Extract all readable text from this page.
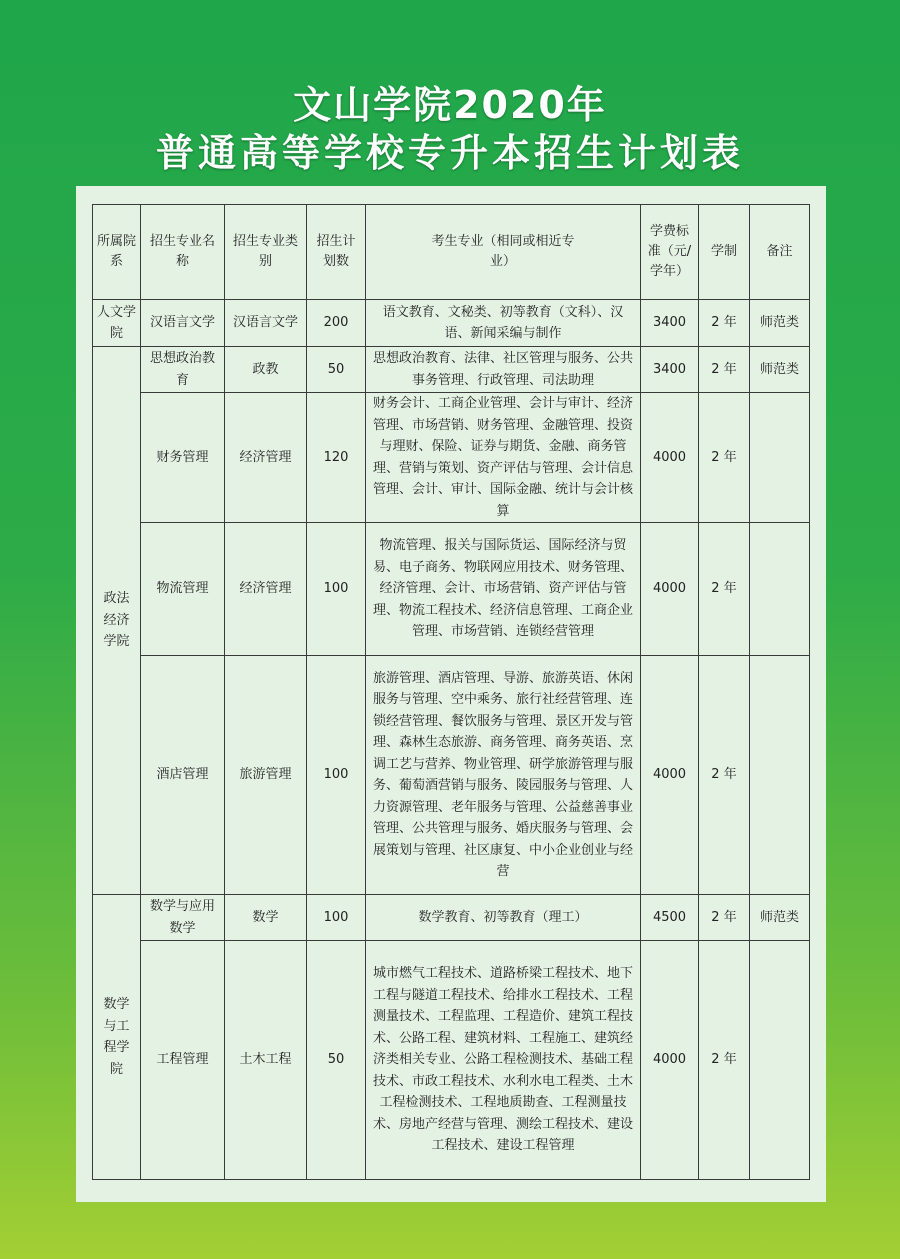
文山学院2020年
普通高等学校专升本招生计划表
所属院系	招生专业名称	招生专业类别	招生计划数	考生专业（相同或相近专业）	学费标准（元/学年）	学制	备注
人文学院	汉语言文学	汉语言文学	200	语文教育、文秘类、初等教育（文科）、汉语、新闻采编与制作	3400	2 年	师范类
政法经济学院	思想政治教育	政教	50	思想政治教育、法律、社区管理与服务、公共事务管理、行政管理、司法助理	3400	2 年	师范类
	财务管理	经济管理	120	财务会计、工商企业管理、会计与审计、经济管理、市场营销、财务管理、金融管理、投资与理财、保险、证券与期货、金融、商务管理、营销与策划、资产评估与管理、会计信息管理、会计、审计、国际金融、统计与会计核算	4000	2 年	
	物流管理	经济管理	100	物流管理、报关与国际货运、国际经济与贸易、电子商务、物联网应用技术、财务管理、经济管理、会计、市场营销、资产评估与管理、物流工程技术、经济信息管理、工商企业管理、市场营销、连锁经营管理	4000	2 年	
	酒店管理	旅游管理	100	旅游管理、酒店管理、导游、旅游英语、休闲服务与管理、空中乘务、旅行社经营管理、连锁经营管理、餐饮服务与管理、景区开发与管理、森林生态旅游、商务管理、商务英语、烹调工艺与营养、物业管理、研学旅游管理与服务、葡萄酒营销与服务、陵园服务与管理、人力资源管理、老年服务与管理、公益慈善事业管理、公共管理与服务、婚庆服务与管理、会展策划与管理、社区康复、中小企业创业与经营	4000	2 年	
数学与工程学院	数学与应用数学	数学	100	数学教育、初等教育（理工）	4500	2 年	师范类
	工程管理	土木工程	50	城市燃气工程技术、道路桥梁工程技术、地下工程与隧道工程技术、给排水工程技术、工程测量技术、工程监理、工程造价、建筑工程技术、公路工程、建筑材料、工程施工、建筑经济类相关专业、公路工程检测技术、基础工程技术、市政工程技术、水利水电工程类、土木工程检测技术、工程地质勘查、工程测量技术、房地产经营与管理、测绘工程技术、建设工程技术、建设工程管理	4000	2 年	
